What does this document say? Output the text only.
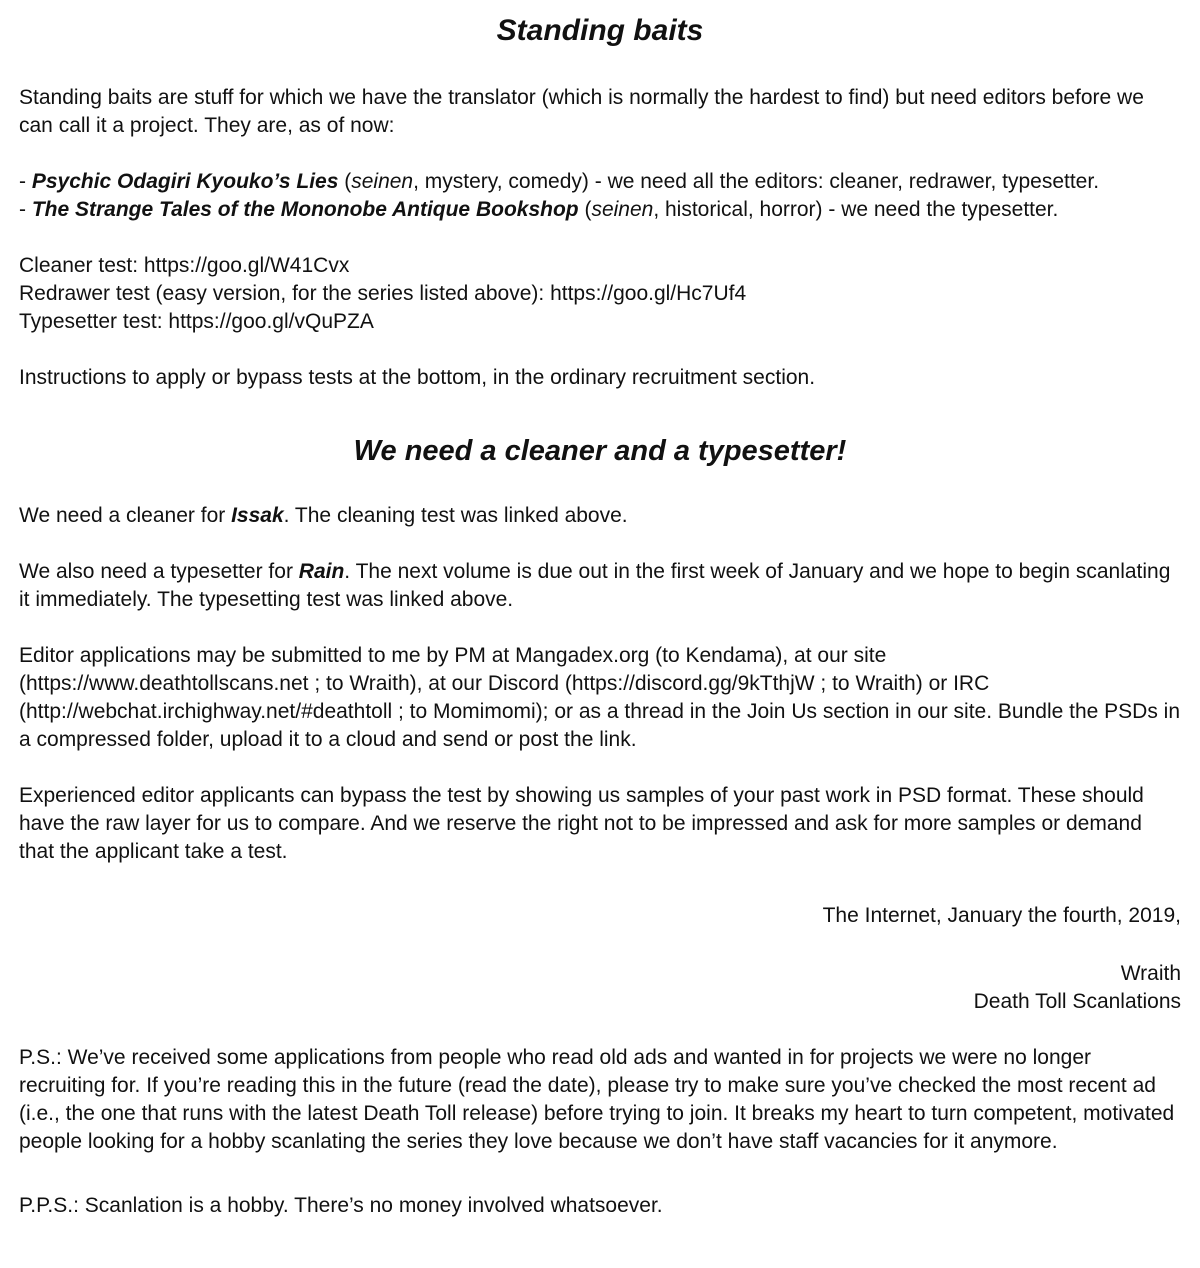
Standing baits

Standing baits are stuff for which we have the translator (which is normally the hardest to find) but need editors before we can call it a project. They are, as of now:

- Psychic Odagiri Kyouko’s Lies (seinen, mystery, comedy) - we need all the editors: cleaner, redrawer, typesetter.
- The Strange Tales of the Mononobe Antique Bookshop (seinen, historical, horror) - we need the typesetter.
Cleaner test: https://goo.gl/W41Cvx
Redrawer test (easy version, for the series listed above): https://goo.gl/Hc7Uf4
Typesetter test: https://goo.gl/vQuPZA

Instructions to apply or bypass tests at the bottom, in the ordinary recruitment section.

We need a cleaner and a typesetter!

We need a cleaner for Issak. The cleaning test was linked above.

We also need a typesetter for Rain. The next volume is due out in the first week of January and we hope to begin scanlating it immediately. The typesetting test was linked above.

Editor applications may be submitted to me by PM at Mangadex.org (to Kendama), at our site (https://www.deathtollscans.net ; to Wraith), at our Discord (https://discord.gg/9kTthjW ; to Wraith) or IRC (http://webchat.irchighway.net/#deathtoll ; to Momimomi); or as a thread in the Join Us section in our site. Bundle the PSDs in a compressed folder, upload it to a cloud and send or post the link.

Experienced editor applicants can bypass the test by showing us samples of your past work in PSD format. These should have the raw layer for us to compare. And we reserve the right not to be impressed and ask for more samples or demand that the applicant take a test.

The Internet, January the fourth, 2019,

Wraith
Death Toll Scanlations

P.S.: We’ve received some applications from people who read old ads and wanted in for projects we were no longer recruiting for. If you’re reading this in the future (read the date), please try to make sure you’ve checked the most recent ad (i.e., the one that runs with the latest Death Toll release) before trying to join. It breaks my heart to turn competent, motivated people looking for a hobby scanlating the series they love because we don’t have staff vacancies for it anymore.

P.P.S.: Scanlation is a hobby. There’s no money involved whatsoever.
